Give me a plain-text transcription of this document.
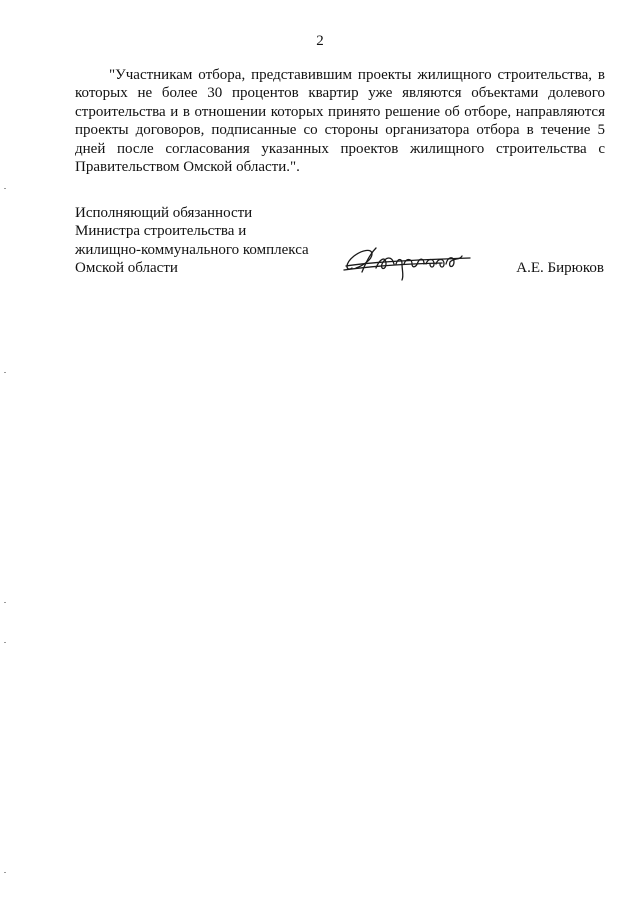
2

"Участникам отбора, представившим проекты жилищного строительства, в которых не более 30 процентов квартир уже являются объектами долевого строительства и в отношении которых принято решение об отборе, направляются проекты договоров, подписанные со стороны организатора отбора в течение 5 дней после согласования указанных проектов жилищного строительства с Правительством Омской области.".

Исполняющий обязанности
Министра строительства и
жилищно-коммунального комплекса
Омской области	А.Е. Бирюков
